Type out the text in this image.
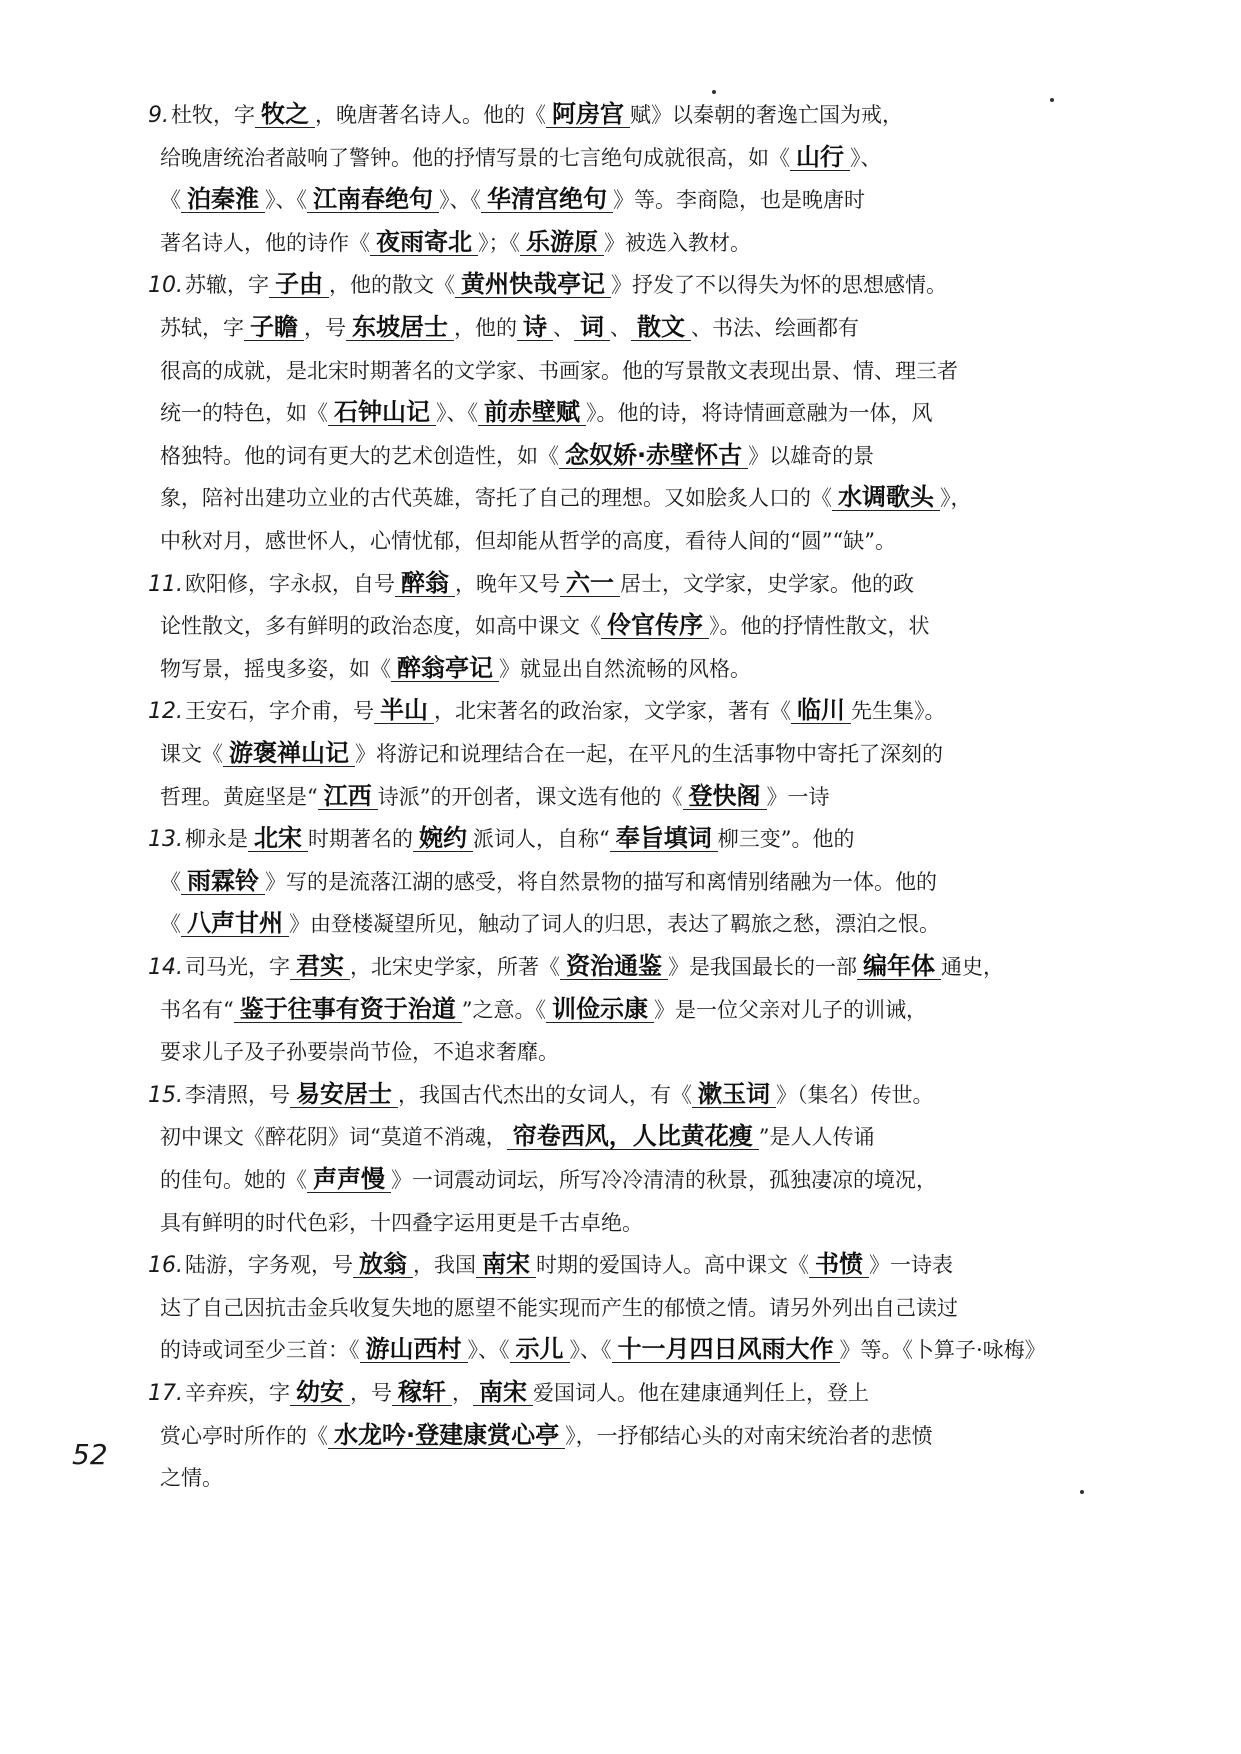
9.杜牧，字 牧之 ，晚唐著名诗人。他的《 阿房宫 赋》以秦朝的奢逸亡国为戒，
给晚唐统治者敲响了警钟。他的抒情写景的七言绝句成就很高，如《 山行 》、
《 泊秦淮 》、《 江南春绝句 》、《 华清宫绝句 》等。李商隐，也是晚唐时
著名诗人，他的诗作《 夜雨寄北 》；《 乐游原 》被选入教材。
10.苏辙，字 子由 ，他的散文《 黄州快哉亭记 》抒发了不以得失为怀的思想感情。
苏轼，字 子瞻 ，号 东坡居士 ，他的 诗 、 词 、 散文 、书法、绘画都有
很高的成就，是北宋时期著名的文学家、书画家。他的写景散文表现出景、情、理三者
统一的特色，如《 石钟山记 》、《 前赤壁赋 》。他的诗，将诗情画意融为一体，风
格独特。他的词有更大的艺术创造性，如《 念奴娇·赤壁怀古 》以雄奇的景
象，陪衬出建功立业的古代英雄，寄托了自己的理想。又如脍炙人口的《 水调歌头 》，
中秋对月，感世怀人，心情忧郁，但却能从哲学的高度，看待人间的“圆”“缺”。
11.欧阳修，字永叔，自号 醉翁 ，晚年又号 六一 居士，文学家，史学家。他的政
论性散文，多有鲜明的政治态度，如高中课文《 伶官传序 》。他的抒情性散文，状
物写景，摇曳多姿，如《 醉翁亭记 》就显出自然流畅的风格。
12.王安石，字介甫，号 半山 ，北宋著名的政治家，文学家，著有《 临川 先生集》。
课文《 游褒禅山记 》将游记和说理结合在一起，在平凡的生活事物中寄托了深刻的
哲理。黄庭坚是“ 江西 诗派”的开创者，课文选有他的《 登快阁 》一诗
13.柳永是 北宋 时期著名的 婉约 派词人，自称“ 奉旨填词 柳三变”。他的
《 雨霖铃 》写的是流落江湖的感受，将自然景物的描写和离情别绪融为一体。他的
《 八声甘州 》由登楼凝望所见，触动了词人的归思，表达了羁旅之愁，漂泊之恨。
14.司马光，字 君实 ，北宋史学家，所著《 资治通鉴 》是我国最长的一部 编年体 通史，
书名有“ 鉴于往事有资于治道 ”之意。《 训俭示康 》是一位父亲对儿子的训诫，
要求儿子及子孙要崇尚节俭，不追求奢靡。
15.李清照，号 易安居士 ，我国古代杰出的女词人，有《 漱玉词 》（集名）传世。
初中课文《醉花阴》词“莫道不消魂， 帘卷西风，人比黄花瘦 ”是人人传诵
的佳句。她的《 声声慢 》一词震动词坛，所写冷冷清清的秋景，孤独凄凉的境况，
具有鲜明的时代色彩，十四叠字运用更是千古卓绝。
16.陆游，字务观，号 放翁 ，我国 南宋 时期的爱国诗人。高中课文《 书愤 》一诗表
达了自己因抗击金兵收复失地的愿望不能实现而产生的郁愤之情。请另外列出自己读过
的诗或词至少三首：《 游山西村 》、《 示儿 》、《 十一月四日风雨大作 》等。《卜算子·咏梅》
17.辛弃疾，字 幼安 ，号 稼轩 ， 南宋 爱国词人。他在建康通判任上，登上
赏心亭时所作的《 水龙吟·登建康赏心亭 》，一抒郁结心头的对南宋统治者的悲愤
之情。
52
